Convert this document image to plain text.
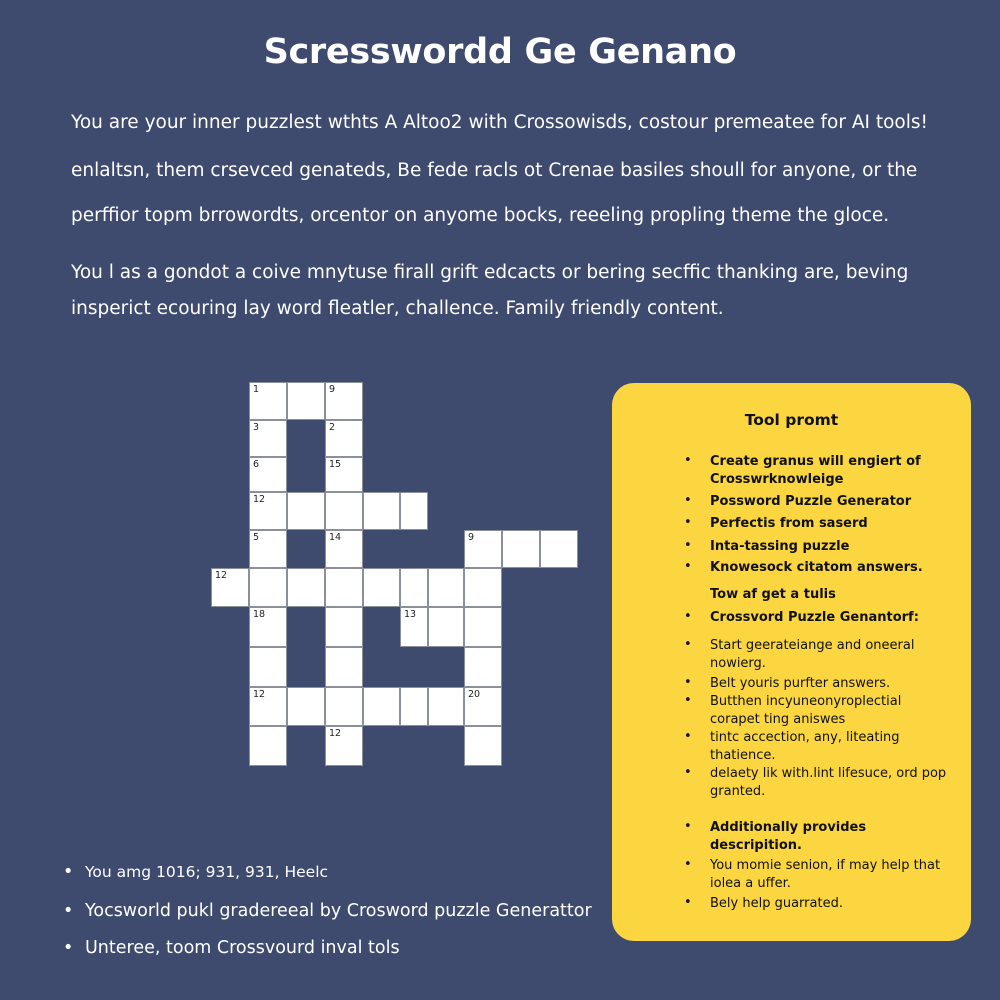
Scresswordd Ge Genano
You are your inner puzzlest wthts A Altoo2 with Crossowisds, costour premeatee for AI tools!
enlaltsn, them crsevced genateds, Be fede racls ot Crenae basiles shoull for anyone, or the
perffior topm brrowordts, orcentor on anyome bocks, reeeling propling theme the gloce.
You l as a gondot a coive mnytuse firall grift edcacts or bering secffic thanking are, beving
insperict ecouring lay word fleatler, challence. Family friendly content.
1	9
3	2
6	15
12
5	14	9
12
18	13
12	20
12
Tool promt
• Create granus will engiert of Crosswrknowleige
• Possword Puzzle Generator
• Perfectis from saserd
• Inta-tassing puzzle
• Knowesock citatom answers.
Tow af get a tulis
• Crossvord Puzzle Genantorf:
• Start geerateiange and oneeral nowierg.
• Belt youris purfter answers.
• Butthen incyuneonyroplectial corapet ting aniswes
• tintc accection, any, liteating thatience.
• delaety lik with.lint lifesuce, ord pop granted.
• Additionally provides descripition.
• You momie senion, if may help that iolea a uffer.
• Bely help guarrated.
• You amg 1016; 931, 931, Heelc
• Yocsworld pukl gradereeal by Crosword puzzle Generattor
• Unteree, toom Crossvourd inval tols
